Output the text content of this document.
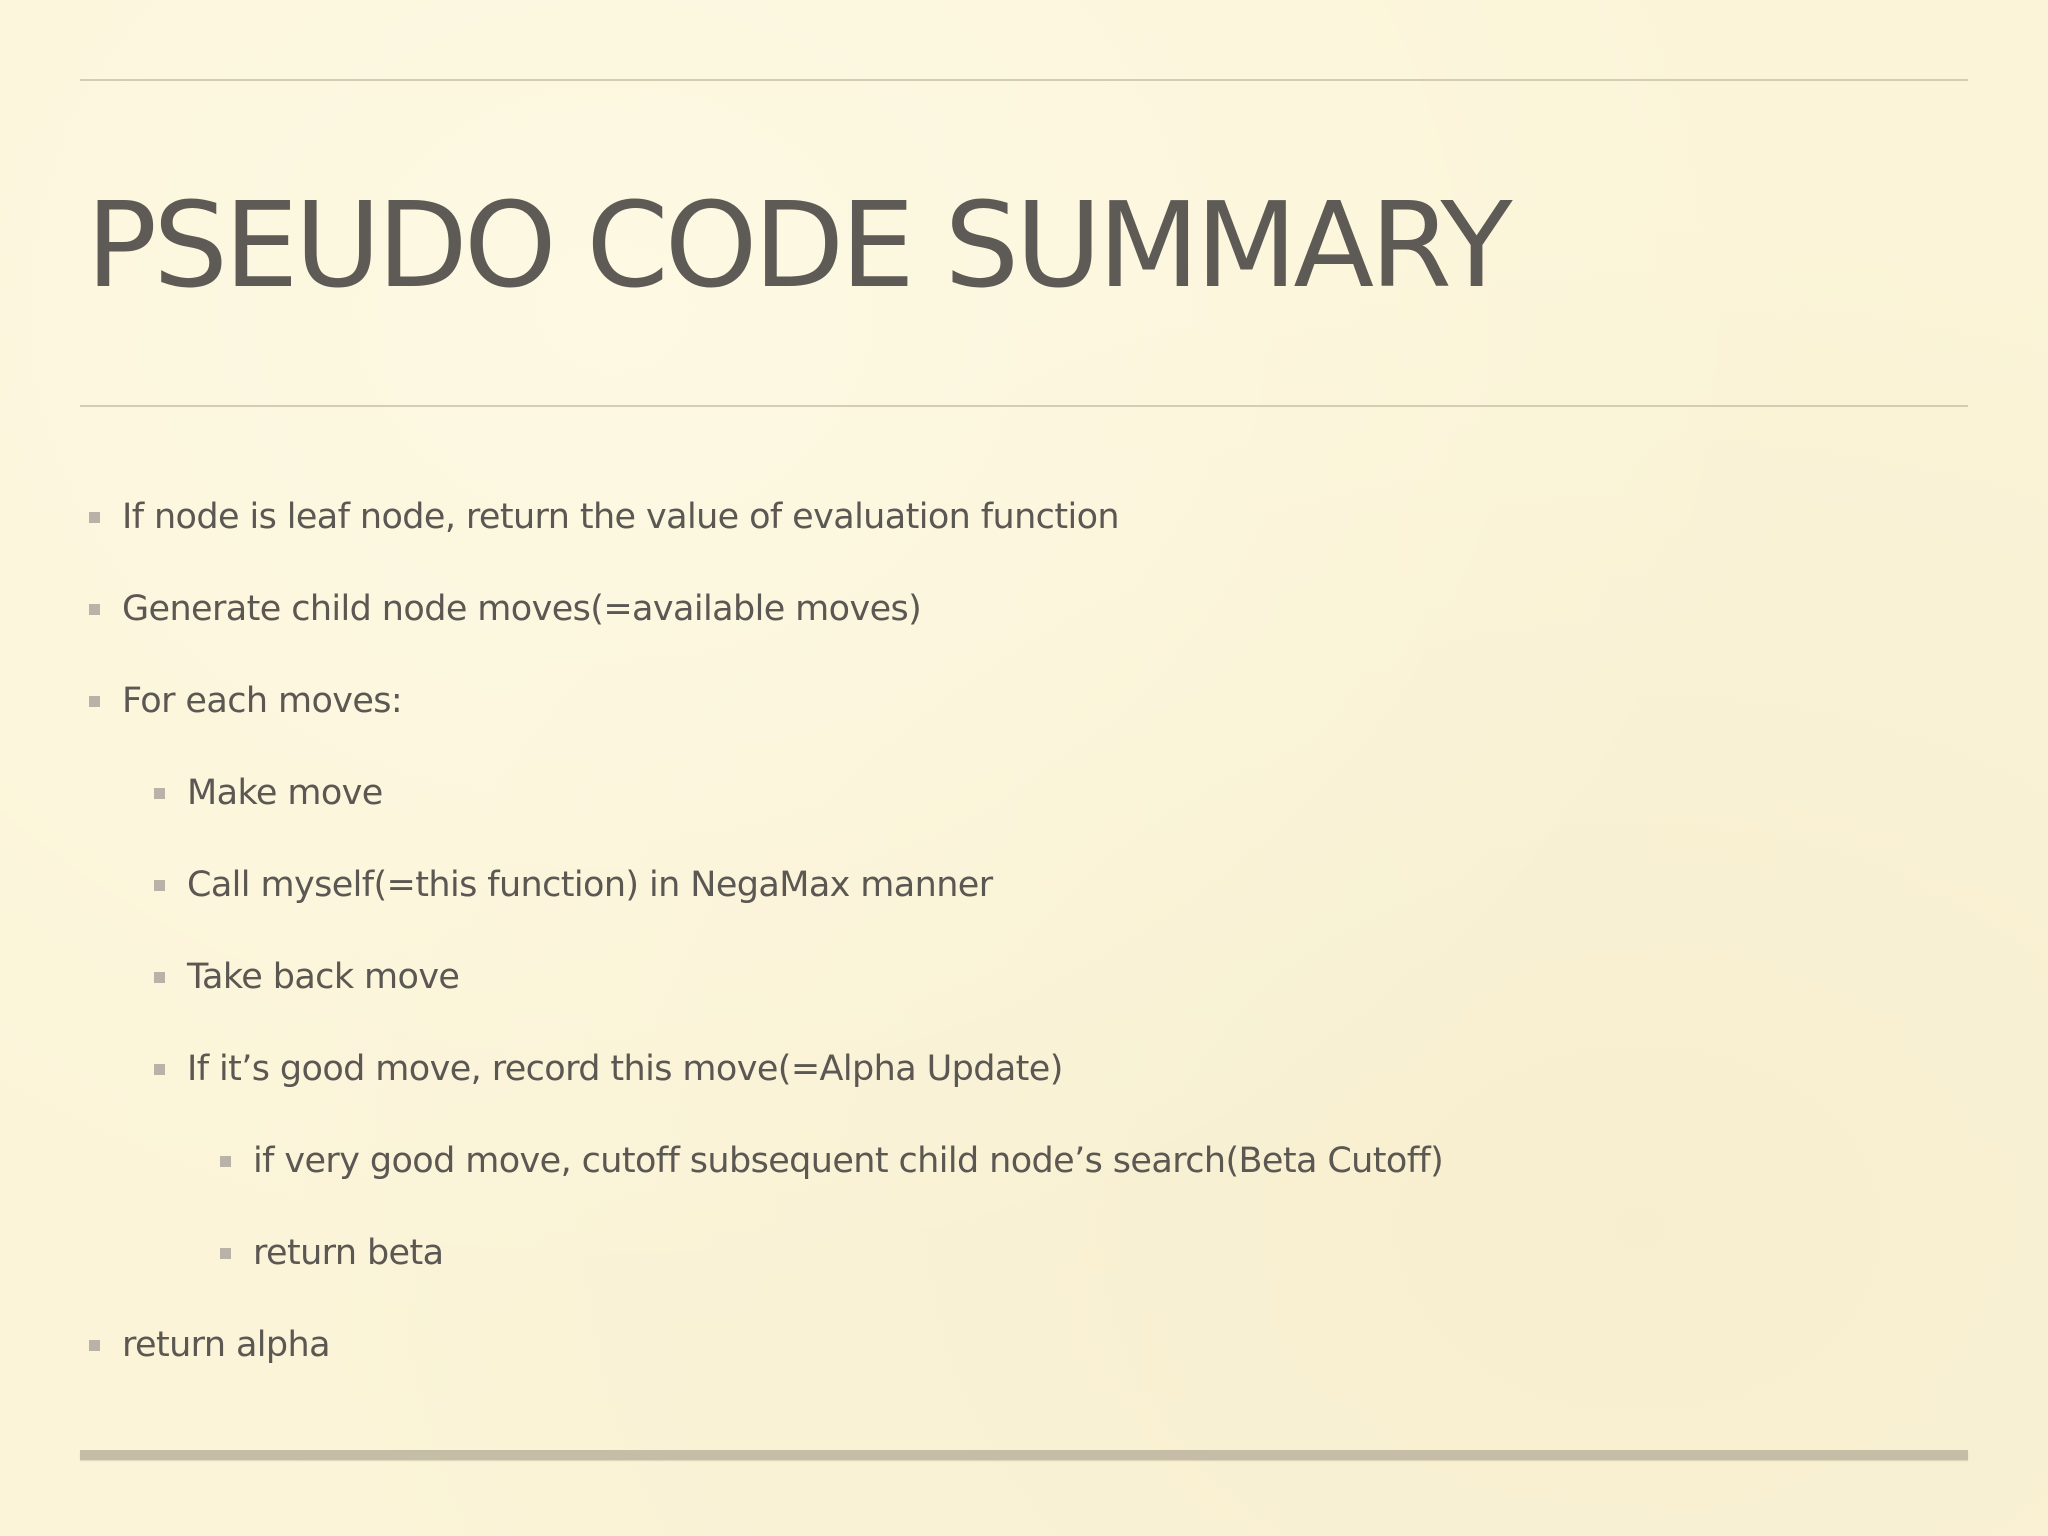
PSEUDO CODE SUMMARY
If node is leaf node, return the value of evaluation function
Generate child node moves(=available moves)
For each moves:
Make move
Call myself(=this function) in NegaMax manner
Take back move
If it’s good move, record this move(=Alpha Update)
if very good move, cutoff subsequent child node’s search(Beta Cutoff)
return beta
return alpha
